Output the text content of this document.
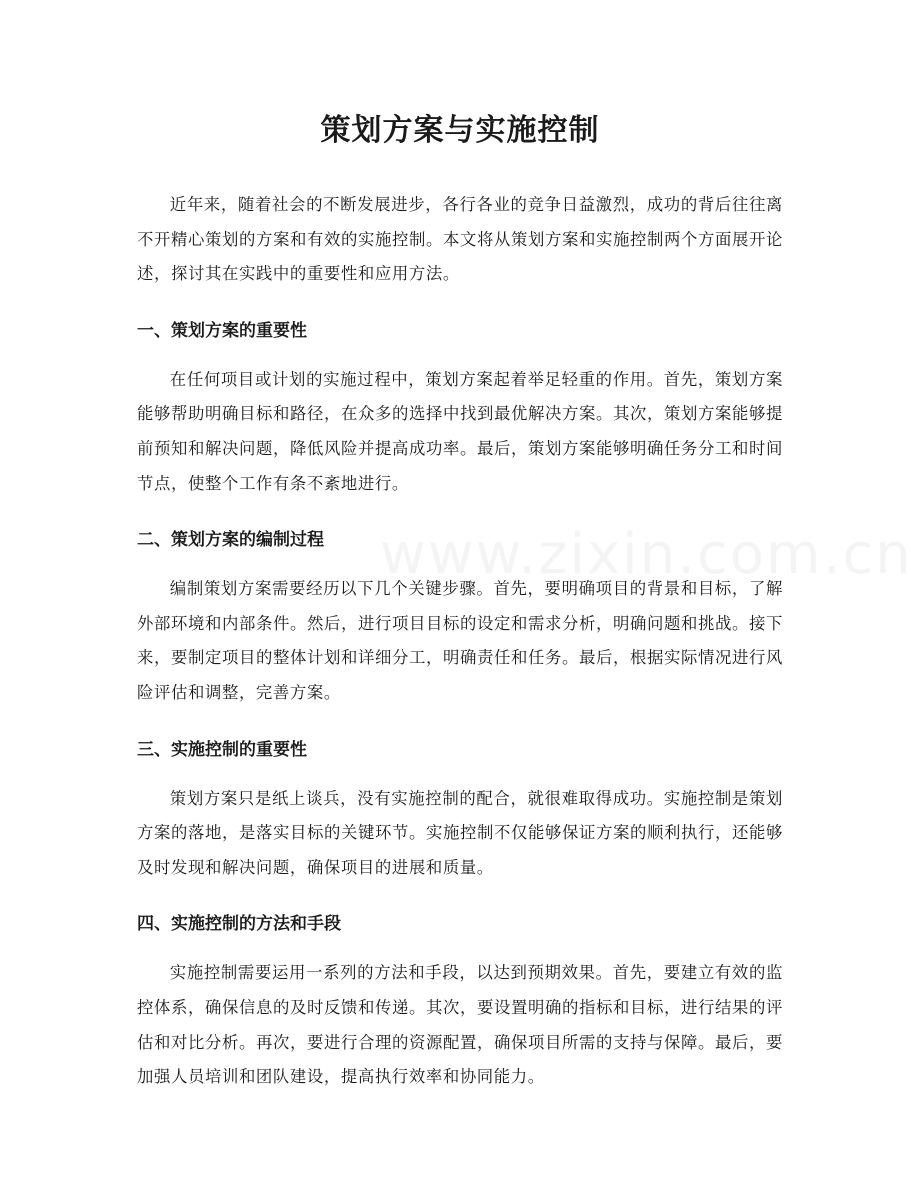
策划方案与实施控制

近年来，随着社会的不断发展进步，各行各业的竞争日益激烈，成功的背后往往离不开精心策划的方案和有效的实施控制。本文将从策划方案和实施控制两个方面展开论述，探讨其在实践中的重要性和应用方法。

一、策划方案的重要性

在任何项目或计划的实施过程中，策划方案起着举足轻重的作用。首先，策划方案能够帮助明确目标和路径，在众多的选择中找到最优解决方案。其次，策划方案能够提前预知和解决问题，降低风险并提高成功率。最后，策划方案能够明确任务分工和时间节点，使整个工作有条不紊地进行。

二、策划方案的编制过程

编制策划方案需要经历以下几个关键步骤。首先，要明确项目的背景和目标，了解外部环境和内部条件。然后，进行项目目标的设定和需求分析，明确问题和挑战。接下来，要制定项目的整体计划和详细分工，明确责任和任务。最后，根据实际情况进行风险评估和调整，完善方案。

三、实施控制的重要性

策划方案只是纸上谈兵，没有实施控制的配合，就很难取得成功。实施控制是策划方案的落地，是落实目标的关键环节。实施控制不仅能够保证方案的顺利执行，还能够及时发现和解决问题，确保项目的进展和质量。

四、实施控制的方法和手段

实施控制需要运用一系列的方法和手段，以达到预期效果。首先，要建立有效的监控体系，确保信息的及时反馈和传递。其次，要设置明确的指标和目标，进行结果的评估和对比分析。再次，要进行合理的资源配置，确保项目所需的支持与保障。最后，要加强人员培训和团队建设，提高执行效率和协同能力。
